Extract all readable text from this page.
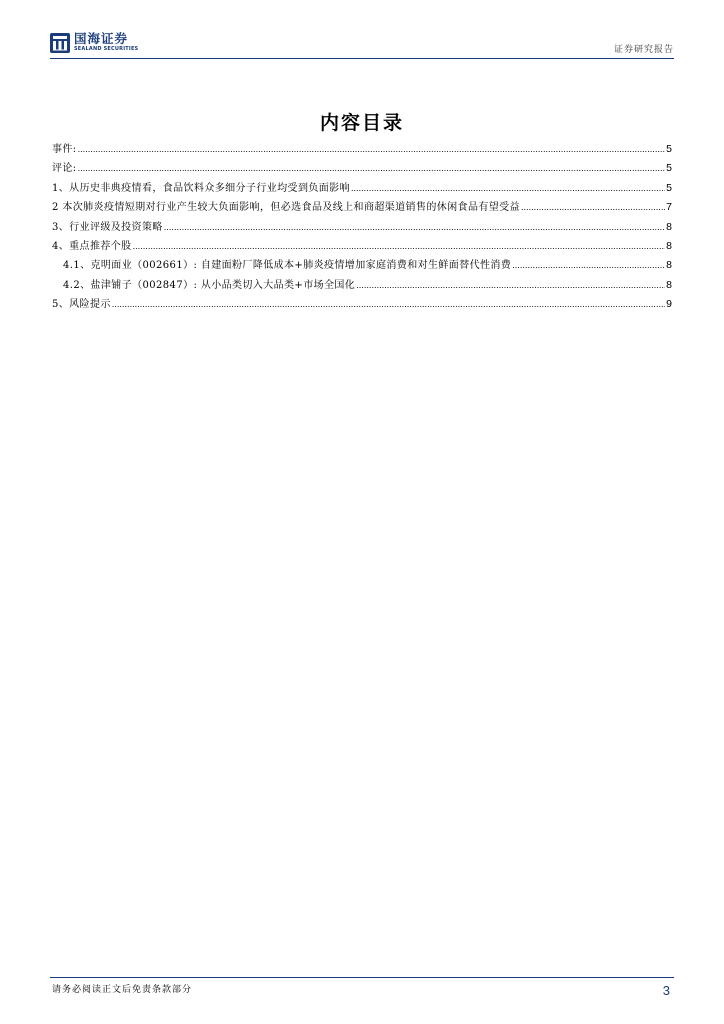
国海证券
SEALAND SECURITIES	证券研究报告
内容目录
事件: .....	5
评论: .....	5
1、从历史非典疫情看，食品饮料众多细分子行业均受到负面影响 .....	5
2 本次肺炎疫情短期对行业产生较大负面影响，但必选食品及线上和商超渠道销售的休闲食品有望受益 .....	7
3、行业评级及投资策略 .....	8
4、重点推荐个股 .....	8
4.1、克明面业（002661）: 自建面粉厂降低成本+肺炎疫情增加家庭消费和对生鲜面替代性消费 .....	8
4.2、盐津铺子（002847）: 从小品类切入大品类+市场全国化 .....	8
5、风险提示 .....	9
请务必阅读正文后免责条款部分	3
